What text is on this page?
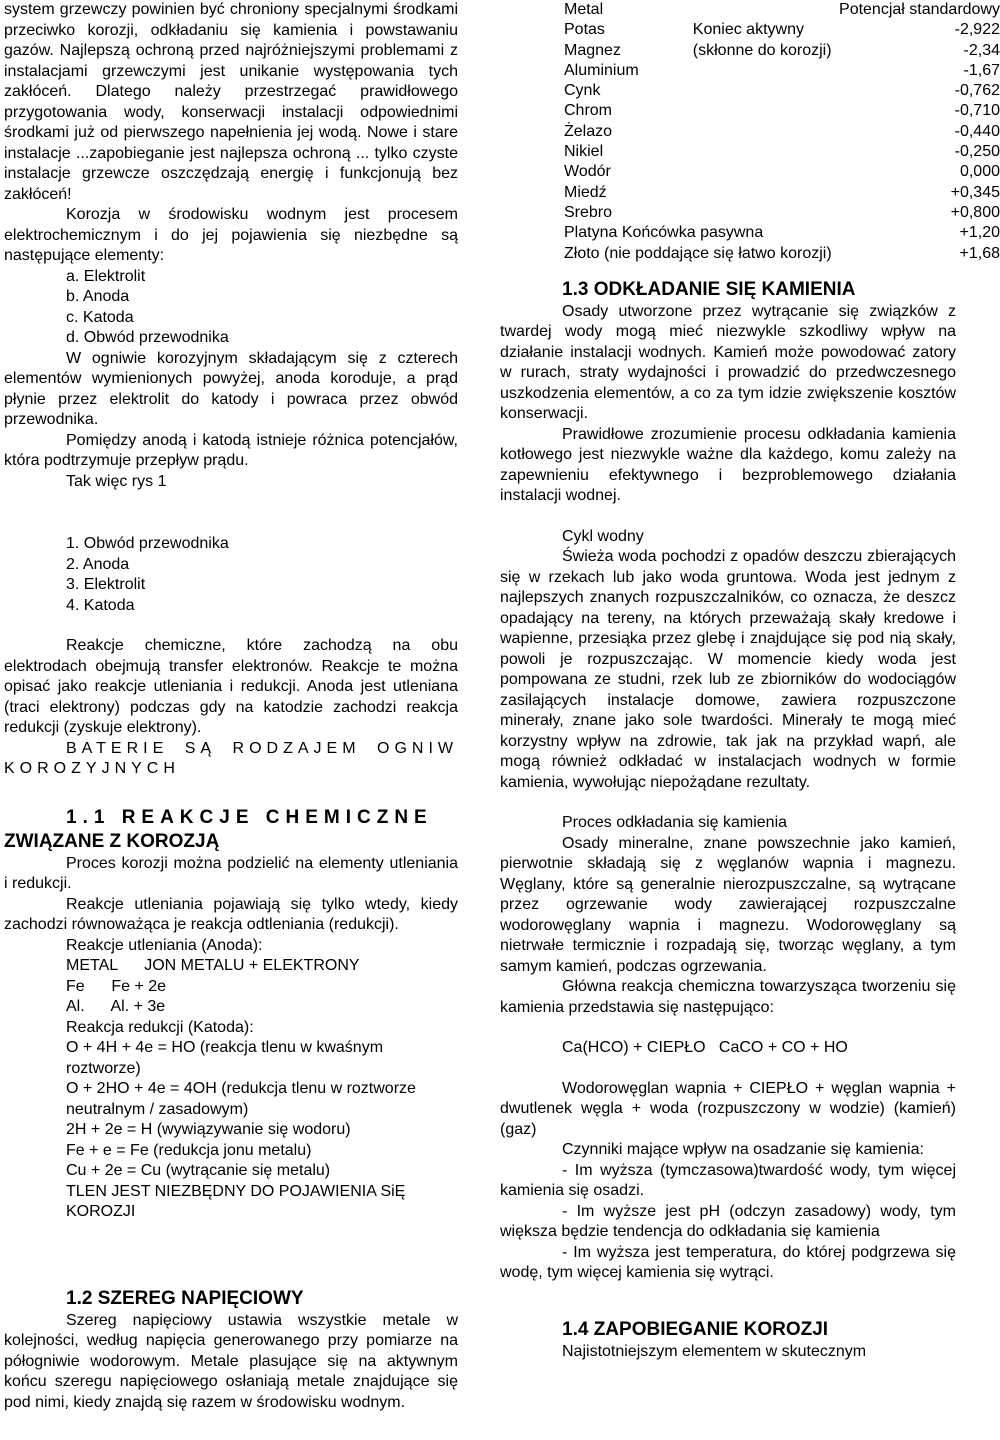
system grzewczy powinien być chroniony specjalnymi środkami przeciwko korozji, odkładaniu się kamienia i powstawaniu gazów. Najlepszą ochroną przed najróżniejszymi problemami z instalacjami grzewczymi jest unikanie występowania tych zakłóceń. Dlatego należy przestrzegać prawidłowego przygotowania wody, konserwacji instalacji odpowiednimi środkami już od pierwszego napełnienia jej wodą. Nowe i stare instalacje ...zapobieganie jest najlepsza ochroną ... tylko czyste instalacje grzewcze oszczędzają energię i funkcjonują bez zakłóceń!

Korozja w środowisku wodnym jest procesem elektrochemicznym i do jej pojawienia się niezbędne są następujące elementy:

a. Elektrolit
b. Anoda
c. Katoda
d. Obwód przewodnika

W ogniwie korozyjnym składającym się z czterech elementów wymienionych powyżej, anoda koroduje, a prąd płynie przez elektrolit do katody i powraca przez obwód przewodnika.

Pomiędzy anodą i katodą istnieje różnica potencjałów, która podtrzymuje przepływ prądu.

Tak więc rys 1
1. Obwód przewodnika
2. Anoda
3. Elektrolit
4. Katoda

Reakcje chemiczne, które zachodzą na obu elektrodach obejmują transfer elektronów. Reakcje te można opisać jako reakcje utleniania i redukcji. Anoda jest utleniana (traci elektrony) podczas gdy na katodzie zachodzi reakcja redukcji (zyskuje elektrony).

BATERIE SĄ RODZAJEM OGNIW KOROZYJNYCH

1.1 REAKCJE CHEMICZNE
ZWIĄZANE Z KOROZJĄ

Proces korozji można podzielić na elementy utleniania i redukcji.

Reakcje utleniania pojawiają się tylko wtedy, kiedy zachodzi równoważąca je reakcja odtleniania (redukcji).

Reakcje utleniania (Anoda):
METAL      JON METALU + ELEKTRONY
Fe      Fe + 2e
Al.      Al. + 3e
Reakcja redukcji (Katoda):
O + 4H + 4e = HO (reakcja tlenu w kwaśnym roztworze)
O + 2HO + 4e = 4OH (redukcja tlenu w roztworze neutralnym / zasadowym)
2H + 2e = H (wywiązywanie się wodoru)
Fe + e = Fe (redukcja jonu metalu)
Cu + 2e = Cu (wytrącanie się metalu)
TLEN JEST NIEZBĘDNY DO POJAWIENIA SiĘ KOROZJI
1.2 SZEREG NAPIĘCIOWY

Szereg napięciowy ustawia wszystkie metale w kolejności, według napięcia generowanego przy pomiarze na półogniwie wodorowym. Metale plasujące się na aktywnym końcu szeregu napięciowego osłaniają metale znajdujące się pod nimi, kiedy znajdą się razem w środowisku wodnym.

Metal	Potencjał standardowy	
Potas	Koniec aktywny	-2,922
Magnez	(skłonne do korozji)	-2,34
Aluminium		-1,67
Cynk		-0,762
Chrom		-0,710
Żelazo		-0,440
Nikiel		-0,250
Wodór		0,000
Miedź		+0,345
Srebro		+0,800
Platyna Końcówka pasywna		+1,20
Złoto (nie poddające się łatwo korozji)		+1,68
1.3 ODKŁADANIE SIĘ KAMIENIA

Osady utworzone przez wytrącanie się związków z twardej wody mogą mieć niezwykle szkodliwy wpływ na działanie instalacji wodnych. Kamień może powodować zatory w rurach, straty wydajności i prowadzić do przedwczesnego uszkodzenia elementów, a co za tym idzie zwiększenie kosztów konserwacji.

Prawidłowe zrozumienie procesu odkładania kamienia kotłowego jest niezwykle ważne dla każdego, komu zależy na zapewnieniu efektywnego i bezproblemowego działania instalacji wodnej.

Cykl wodny

Świeża woda pochodzi z opadów deszczu zbierających się w rzekach lub jako woda gruntowa. Woda jest jednym z najlepszych znanych rozpuszczalników, co oznacza, że deszcz opadający na tereny, na których przeważają skały kredowe i wapienne, przesiąka przez glebę i znajdujące się pod nią skały, powoli je rozpuszczając. W momencie kiedy woda jest pompowana ze studni, rzek lub ze zbiorników do wodociągów zasilających instalacje domowe, zawiera rozpuszczone minerały, znane jako sole twardości. Minerały te mogą mieć korzystny wpływ na zdrowie, tak jak na przykład wapń, ale mogą również odkładać w instalacjach wodnych w formie kamienia, wywołując niepożądane rezultaty.

Proces odkładania się kamienia

Osady mineralne, znane powszechnie jako kamień, pierwotnie składają się z węglanów wapnia i magnezu. Węglany, które są generalnie nierozpuszczalne, są wytrącane przez ogrzewanie wody zawierającej rozpuszczalne wodorowęglany wapnia i magnezu. Wodorowęglany są nietrwałe termicznie i rozpadają się, tworząc węglany, a tym samym kamień, podczas ogrzewania.

Główna reakcja chemiczna towarzysząca tworzeniu się kamienia przedstawia się następująco:

Ca(HCO) + CIEPŁO   CaCO + CO + HO

Wodorowęglan wapnia + CIEPŁO + węglan wapnia + dwutlenek węgla + woda (rozpuszczony w wodzie) (kamień) (gaz)

Czynniki mające wpływ na osadzanie się kamienia:

- Im wyższa (tymczasowa)twardość wody, tym więcej kamienia się osadzi.

- Im wyższe jest pH (odczyn zasadowy) wody, tym większa będzie tendencja do odkładania się kamienia

- Im wyższa jest temperatura, do której podgrzewa się wodę, tym więcej kamienia się wytrąci.

1.4 ZAPOBIEGANIE KOROZJI

Najistotniejszym elementem w skutecznym
